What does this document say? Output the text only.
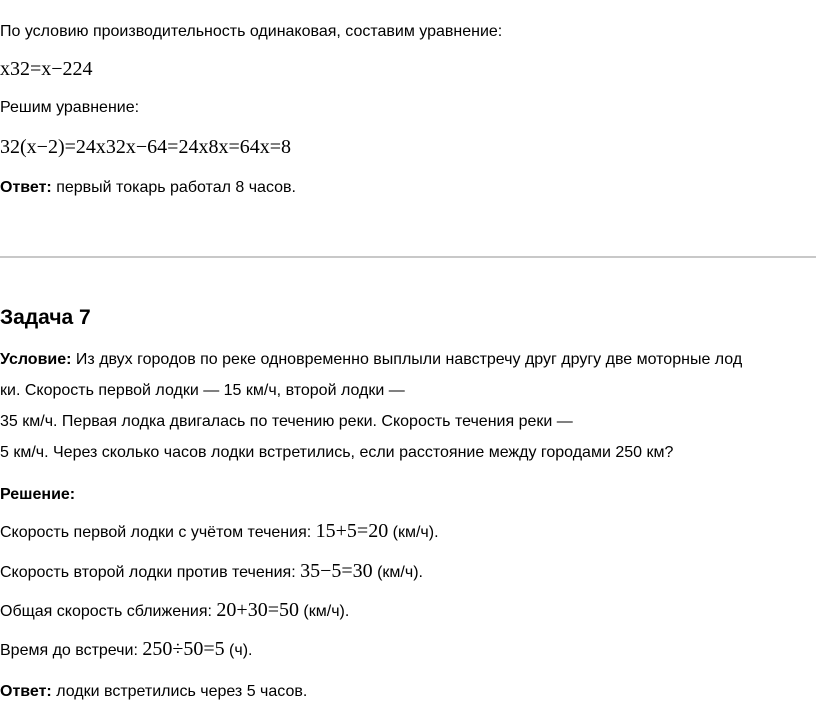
По условию производительность одинаковая, составим уравнение:
x32=x−224
Решим уравнение:
32(x−2)=24x32x−64=24x8x=64x=8
Ответ: первый токарь работал 8 часов.
Задача 7
Условие: Из двух городов по реке одновременно выплыли навстречу друг другу две моторные лод
ки. Скорость первой лодки — 15 км/ч, второй лодки —
35 км/ч. Первая лодка двигалась по течению реки. Скорость течения реки —
5 км/ч. Через сколько часов лодки встретились, если расстояние между городами 250 км?
Решение:
Скорость первой лодки с учётом течения: 15+5=20 (км/ч).
Скорость второй лодки против течения: 35−5=30 (км/ч).
Общая скорость сближения: 20+30=50 (км/ч).
Время до встречи: 250÷50=5 (ч).
Ответ: лодки встретились через 5 часов.
